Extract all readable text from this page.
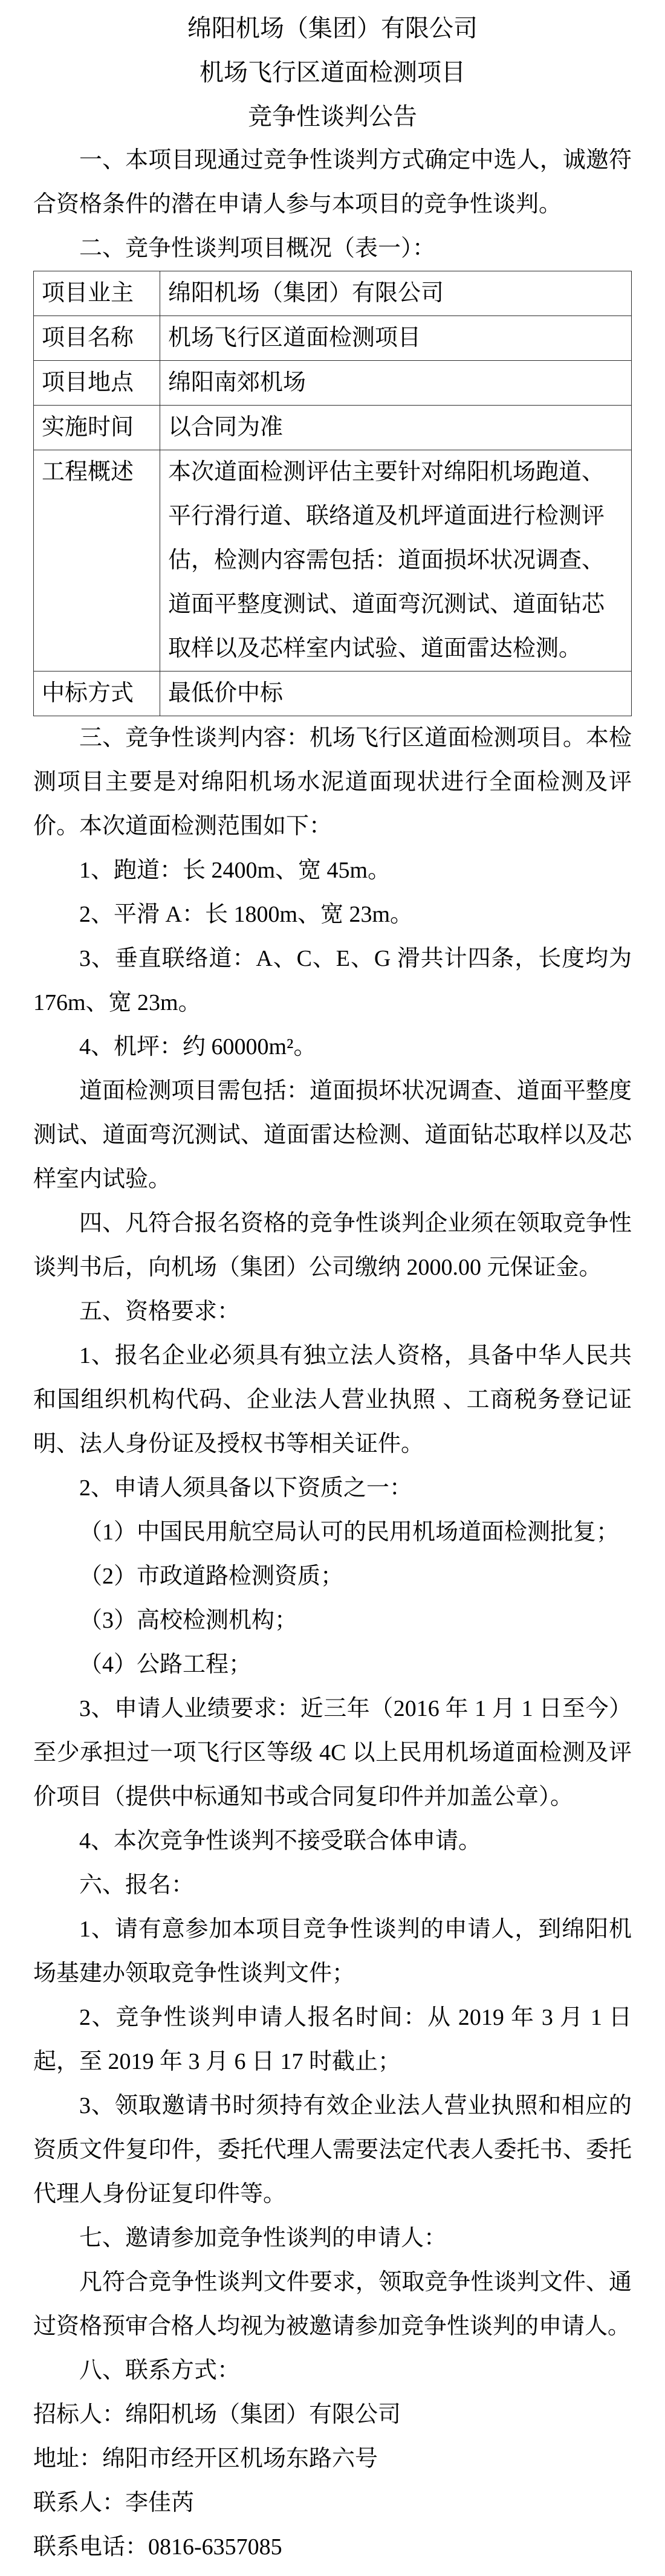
绵阳机场（集团）有限公司
机场飞行区道面检测项目
竞争性谈判公告

一、本项目现通过竞争性谈判方式确定中选人，诚邀符合资格条件的潜在申请人参与本项目的竞争性谈判。

二、竞争性谈判项目概况（表一）：

项目业主	绵阳机场（集团）有限公司
项目名称	机场飞行区道面检测项目
项目地点	绵阳南郊机场
实施时间	以合同为准
工程概述	本次道面检测评估主要针对绵阳机场跑道、平行滑行道、联络道及机坪道面进行检测评估，检测内容需包括：道面损坏状况调查、道面平整度测试、道面弯沉测试、道面钻芯取样以及芯样室内试验、道面雷达检测。
中标方式	最低价中标

三、竞争性谈判内容：机场飞行区道面检测项目。本检测项目主要是对绵阳机场水泥道面现状进行全面检测及评价。本次道面检测范围如下：

1、跑道：长 2400m、宽 45m。

2、平滑 A：长 1800m、宽 23m。

3、垂直联络道：A、C、E、G 滑共计四条，长度均为 176m、宽 23m。

4、机坪：约 60000m²。

道面检测项目需包括：道面损坏状况调查、道面平整度测试、道面弯沉测试、道面雷达检测、道面钻芯取样以及芯样室内试验。

四、凡符合报名资格的竞争性谈判企业须在领取竞争性谈判书后，向机场（集团）公司缴纳 2000.00 元保证金。

五、资格要求：

1、报名企业必须具有独立法人资格，具备中华人民共和国组织机构代码、企业法人营业执照 、工商税务登记证明、法人身份证及授权书等相关证件。

2、申请人须具备以下资质之一：

（1）中国民用航空局认可的民用机场道面检测批复；

（2）市政道路检测资质；

（3）高校检测机构；

（4）公路工程；

3、申请人业绩要求：近三年（2016 年 1 月 1 日至今）至少承担过一项飞行区等级 4C 以上民用机场道面检测及评价项目（提供中标通知书或合同复印件并加盖公章）。

4、本次竞争性谈判不接受联合体申请。

六、报名：

1、请有意参加本项目竞争性谈判的申请人，到绵阳机场基建办领取竞争性谈判文件；

2、竞争性谈判申请人报名时间：从 2019 年 3 月 1 日起，至 2019 年 3 月 6 日 17 时截止；

3、领取邀请书时须持有效企业法人营业执照和相应的资质文件复印件，委托代理人需要法定代表人委托书、委托代理人身份证复印件等。

七、邀请参加竞争性谈判的申请人：

凡符合竞争性谈判文件要求，领取竞争性谈判文件、通过资格预审合格人均视为被邀请参加竞争性谈判的申请人。

八、联系方式：

招标人：绵阳机场（集团）有限公司

地址：绵阳市经开区机场东路六号

联系人：李佳芮

联系电话：0816-6357085
